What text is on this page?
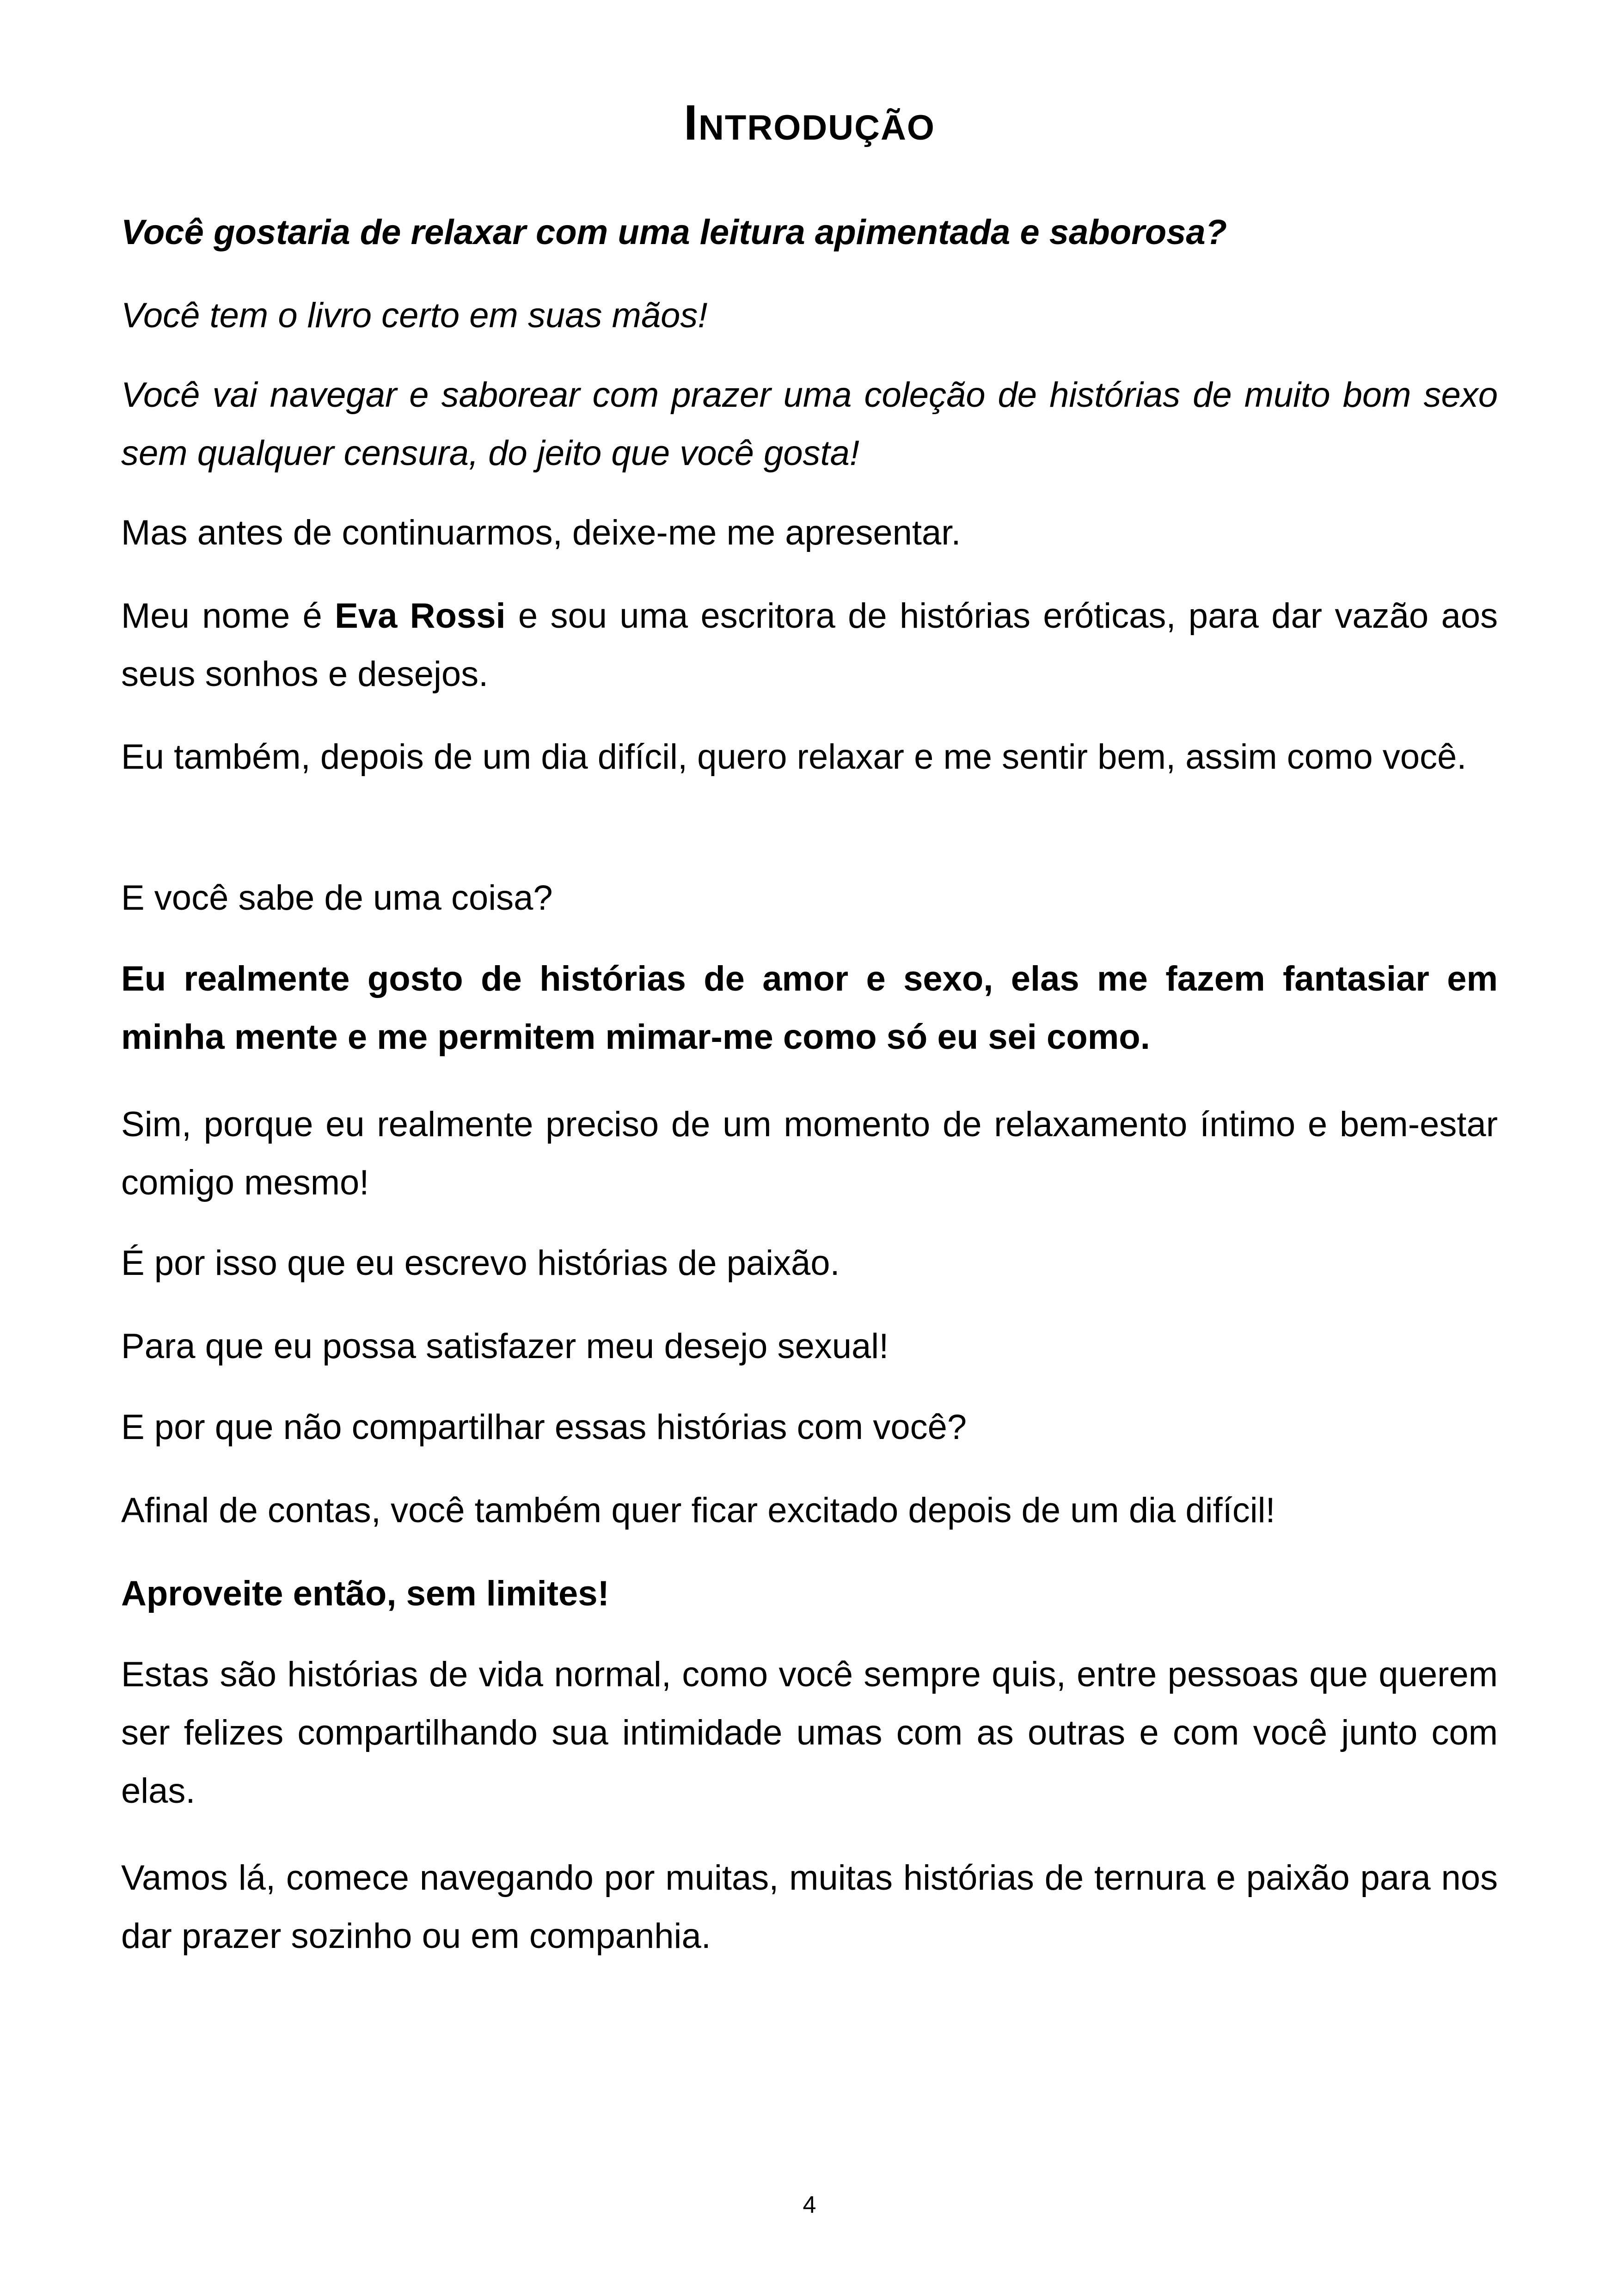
Introdução

Você gostaria de relaxar com uma leitura apimentada e saborosa?

Você tem o livro certo em suas mãos!

Você vai navegar e saborear com prazer uma coleção de histórias de muito bom sexo sem qualquer censura, do jeito que você gosta!

Mas antes de continuarmos, deixe-me me apresentar.

Meu nome é Eva Rossi e sou uma escritora de histórias eróticas, para dar vazão aos seus sonhos e desejos.

Eu também, depois de um dia difícil, quero relaxar e me sentir bem, assim como você.

E você sabe de uma coisa?

Eu realmente gosto de histórias de amor e sexo, elas me fazem fantasiar em minha mente e me permitem mimar-me como só eu sei como.

Sim, porque eu realmente preciso de um momento de relaxamento íntimo e bem-estar comigo mesmo!

É por isso que eu escrevo histórias de paixão.

Para que eu possa satisfazer meu desejo sexual!

E por que não compartilhar essas histórias com você?

Afinal de contas, você também quer ficar excitado depois de um dia difícil!

Aproveite então, sem limites!

Estas são histórias de vida normal, como você sempre quis, entre pessoas que querem ser felizes compartilhando sua intimidade umas com as outras e com você junto com elas.

Vamos lá, comece navegando por muitas, muitas histórias de ternura e paixão para nos dar prazer sozinho ou em companhia.

4
